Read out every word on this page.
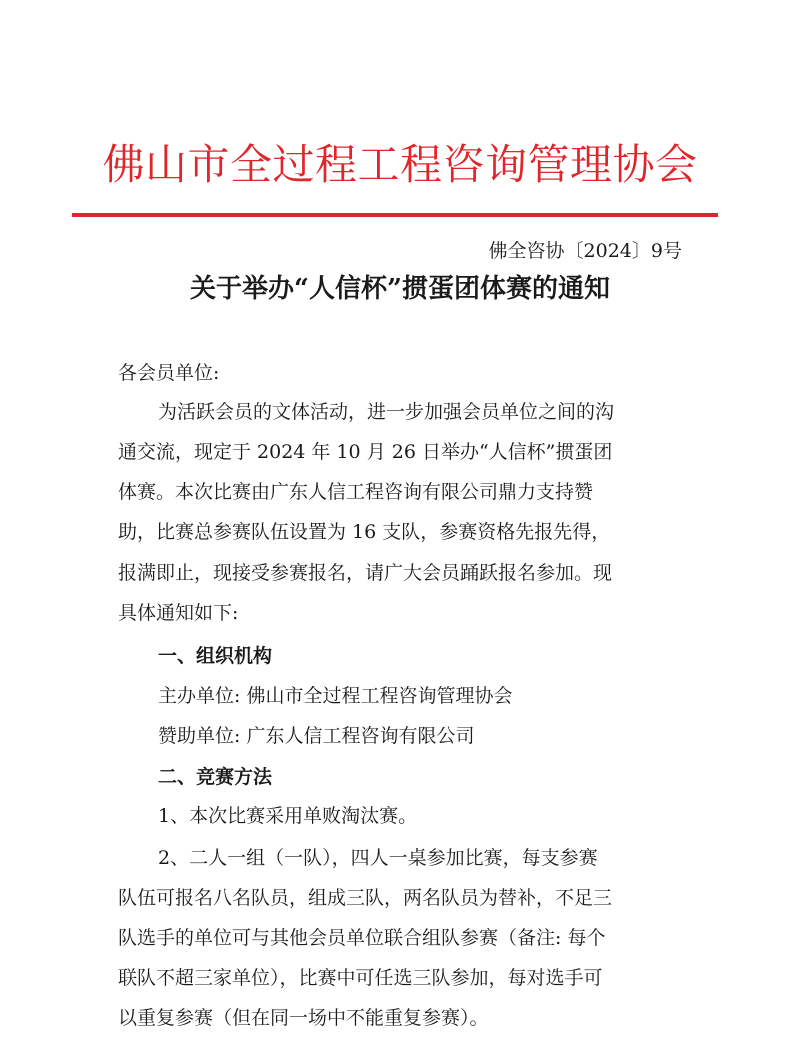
佛山市全过程工程咨询管理协会
佛全咨协〔2024〕9号
关于举办“人信杯”掼蛋团体赛的通知
各会员单位:
为活跃会员的文体活动，进一步加强会员单位之间的沟
通交流，现定于 2024 年 10 月 26 日举办“人信杯”掼蛋团
体赛。本次比赛由广东人信工程咨询有限公司鼎力支持赞
助，比赛总参赛队伍设置为 16 支队，参赛资格先报先得，
报满即止，现接受参赛报名，请广大会员踊跃报名参加。现
具体通知如下:
一、组织机构
主办单位: 佛山市全过程工程咨询管理协会
赞助单位: 广东人信工程咨询有限公司
二、竞赛方法
1、本次比赛采用单败淘汰赛。
2、二人一组（一队），四人一桌参加比赛，每支参赛
队伍可报名八名队员，组成三队，两名队员为替补，不足三
队选手的单位可与其他会员单位联合组队参赛（备注: 每个
联队不超三家单位），比赛中可任选三队参加，每对选手可
以重复参赛（但在同一场中不能重复参赛）。
